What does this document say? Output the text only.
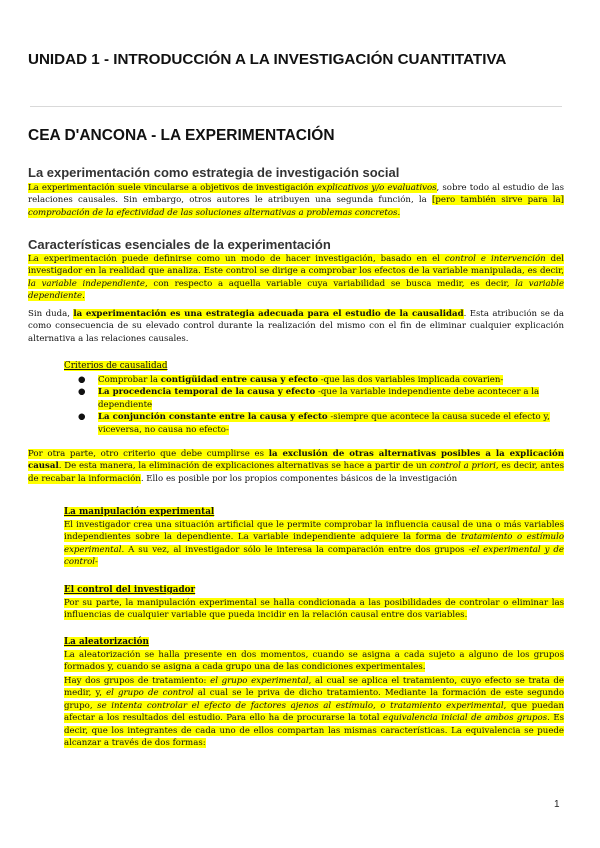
UNIDAD 1 - INTRODUCCIÓN A LA INVESTIGACIÓN CUANTITATIVA
CEA D'ANCONA - LA EXPERIMENTACIÓN
La experimentación como estrategia de investigación social

La experimentación suele vincularse a objetivos de investigación explicativos y/o evaluativos, sobre todo al estudio de las relaciones causales. Sin embargo, otros autores le atribuyen una segunda función, la [pero también sirve para la] comprobación de la efectividad de las soluciones alternativas a problemas concretos.

Características esenciales de la experimentación

La experimentación puede definirse como un modo de hacer investigación, basado en el control e intervención del investigador en la realidad que analiza. Este control se dirige a comprobar los efectos de la variable manipulada, es decir, la variable independiente, con respecto a aquella variable cuya variabilidad se busca medir, es decir, la variable dependiente.

Sin duda, la experimentación es una estrategia adecuada para el estudio de la causalidad. Esta atribución se da como consecuencia de su elevado control durante la realización del mismo con el fin de eliminar cualquier explicación alternativa a las relaciones causales.

Criterios de causalidad

● Comprobar la contigüidad entre causa y efecto -que las dos variables implicada covarien-
● La procedencia temporal de la causa y efecto -que la variable independiente debe acontecer a la dependiente
● La conjunción constante entre la causa y efecto -siempre que acontece la causa sucede el efecto y, viceversa, no causa no efecto-

Por otra parte, otro criterio que debe cumplirse es la exclusión de otras alternativas posibles a la explicación causal. De esta manera, la eliminación de explicaciones alternativas se hace a partir de un control a priori, es decir, antes de recabar la información. Ello es posible por los propios componentes básicos de la investigación

La manipulación experimental

El investigador crea una situación artificial que le permite comprobar la influencia causal de una o más variables independientes sobre la dependiente. La variable independiente adquiere la forma de tratamiento o estímulo experimental. A su vez, al investigador sólo le interesa la comparación entre dos grupos -el experimental y de control-

El control del investigador

Por su parte, la manipulación experimental se halla condicionada a las posibilidades de controlar o eliminar las influencias de cualquier variable que pueda incidir en la relación causal entre dos variables.

La aleatorización

La aleatorización se halla presente en dos momentos, cuando se asigna a cada sujeto a alguno de los grupos formados y, cuando se asigna a cada grupo una de las condiciones experimentales.

Hay dos grupos de tratamiento: el grupo experimental, al cual se aplica el tratamiento, cuyo efecto se trata de medir, y, el grupo de control al cual se le priva de dicho tratamiento. Mediante la formación de este segundo grupo, se intenta controlar el efecto de factores ajenos al estímulo, o tratamiento experimental, que puedan afectar a los resultados del estudio. Para ello ha de procurarse la total equivalencia inicial de ambos grupos. Es decir, que los integrantes de cada uno de ellos compartan las mismas características. La equivalencia se puede alcanzar a través de dos formas:

1
